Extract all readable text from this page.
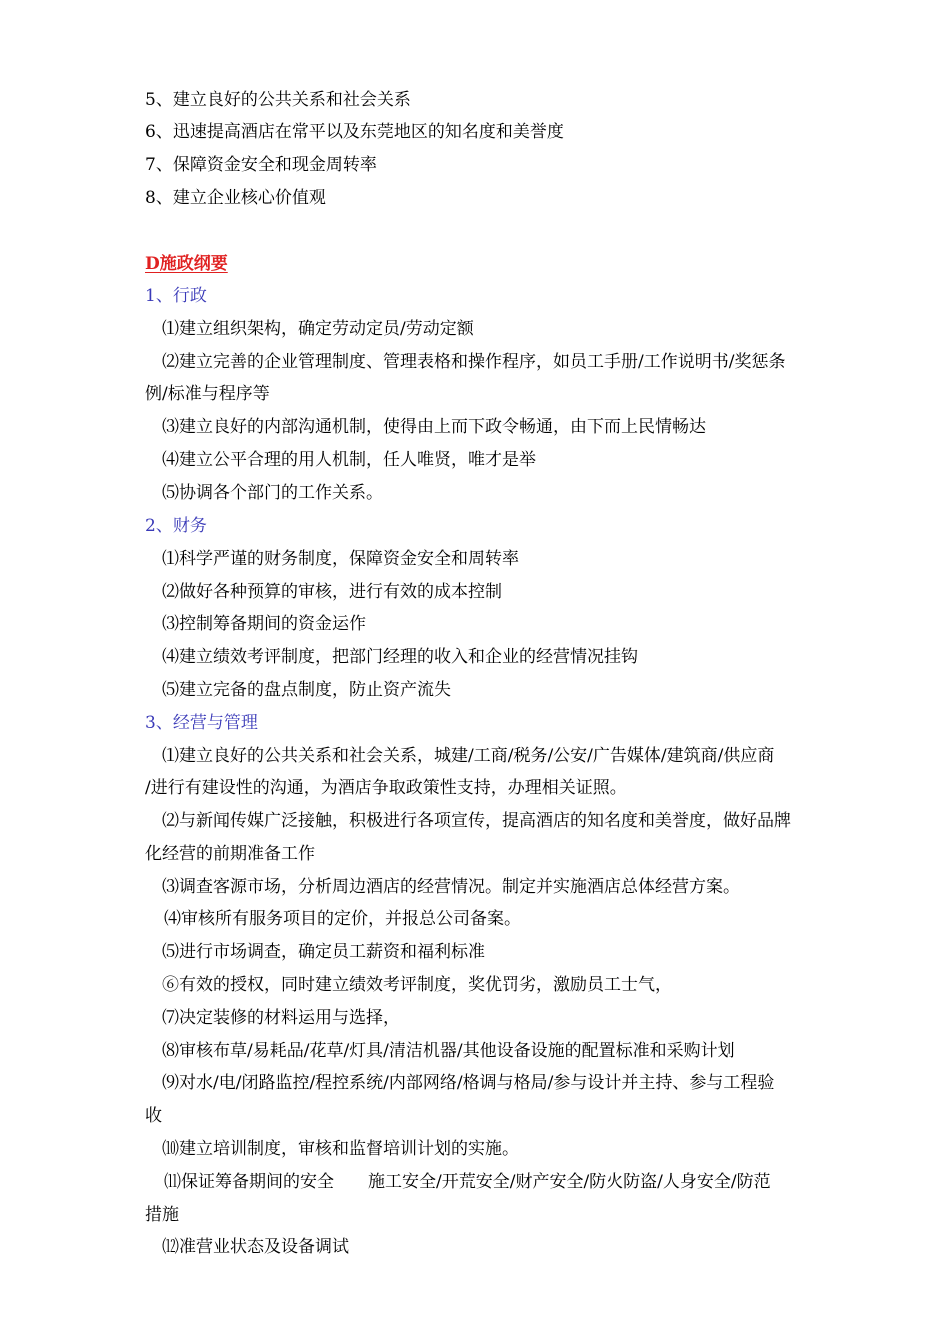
5、建立良好的公共关系和社会关系
6、迅速提高酒店在常平以及东莞地区的知名度和美誉度
7、保障资金安全和现金周转率
8、建立企业核心价值观
D施政纲要
1、行政
⑴建立组织架构，确定劳动定员/劳动定额
⑵建立完善的企业管理制度、管理表格和操作程序，如员工手册/工作说明书/奖惩条
例/标准与程序等
⑶建立良好的内部沟通机制，使得由上而下政令畅通，由下而上民情畅达
⑷建立公平合理的用人机制，任人唯贤，唯才是举
⑸协调各个部门的工作关系。
2、财务
⑴科学严谨的财务制度，保障资金安全和周转率
⑵做好各种预算的审核，进行有效的成本控制
⑶控制筹备期间的资金运作
⑷建立绩效考评制度，把部门经理的收入和企业的经营情况挂钩
⑸建立完备的盘点制度，防止资产流失
3、经营与管理
⑴建立良好的公共关系和社会关系，城建/工商/税务/公安/广告媒体/建筑商/供应商
/进行有建设性的沟通，为酒店争取政策性支持，办理相关证照。
⑵与新闻传媒广泛接触，积极进行各项宣传，提高酒店的知名度和美誉度，做好品牌
化经营的前期准备工作
⑶调查客源市场，分析周边酒店的经营情况。制定并实施酒店总体经营方案。
⑷审核所有服务项目的定价，并报总公司备案。
⑸进行市场调查，确定员工薪资和福利标准
⑥有效的授权，同时建立绩效考评制度，奖优罚劣，激励员工士气，
⑺决定装修的材料运用与选择，
⑻审核布草/易耗品/花草/灯具/清洁机器/其他设备设施的配置标准和采购计划
⑼对水/电/闭路监控/程控系统/内部网络/格调与格局/参与设计并主持、参与工程验
收
⑽建立培训制度，审核和监督培训计划的实施。
⑾保证筹备期间的安全　　施工安全/开荒安全/财产安全/防火防盗/人身安全/防范
措施
⑿准营业状态及设备调试
